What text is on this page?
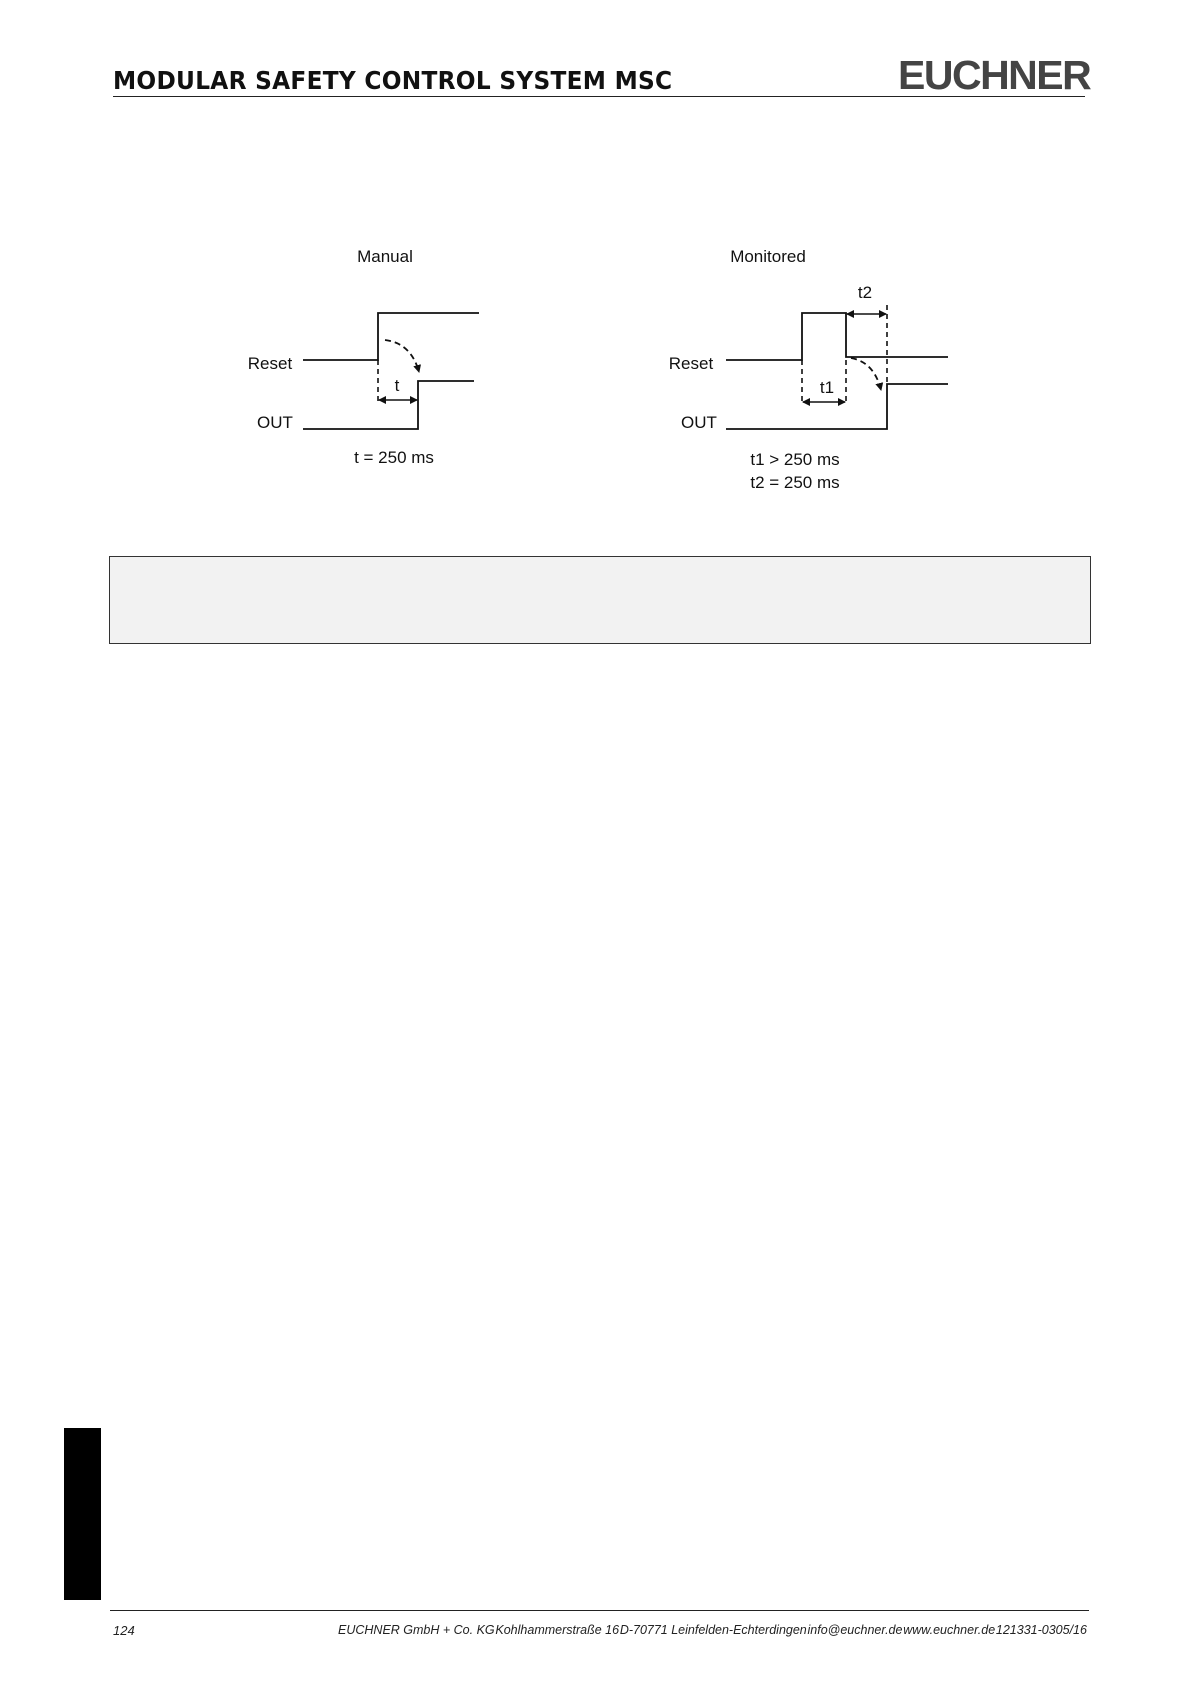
MODULAR SAFETY CONTROL SYSTEM MSC	EUCHNER
Manual
Reset
OUT
t
t = 250 ms
Monitored
t2
Reset
OUT
t1
t1 > 250 ms
t2 = 250 ms
124	EUCHNER GmbH + Co. KG Kohlhammerstraße 16 D-70771 Leinfelden-Echterdingen info@euchner.de www.euchner.de 121331-0305/16
